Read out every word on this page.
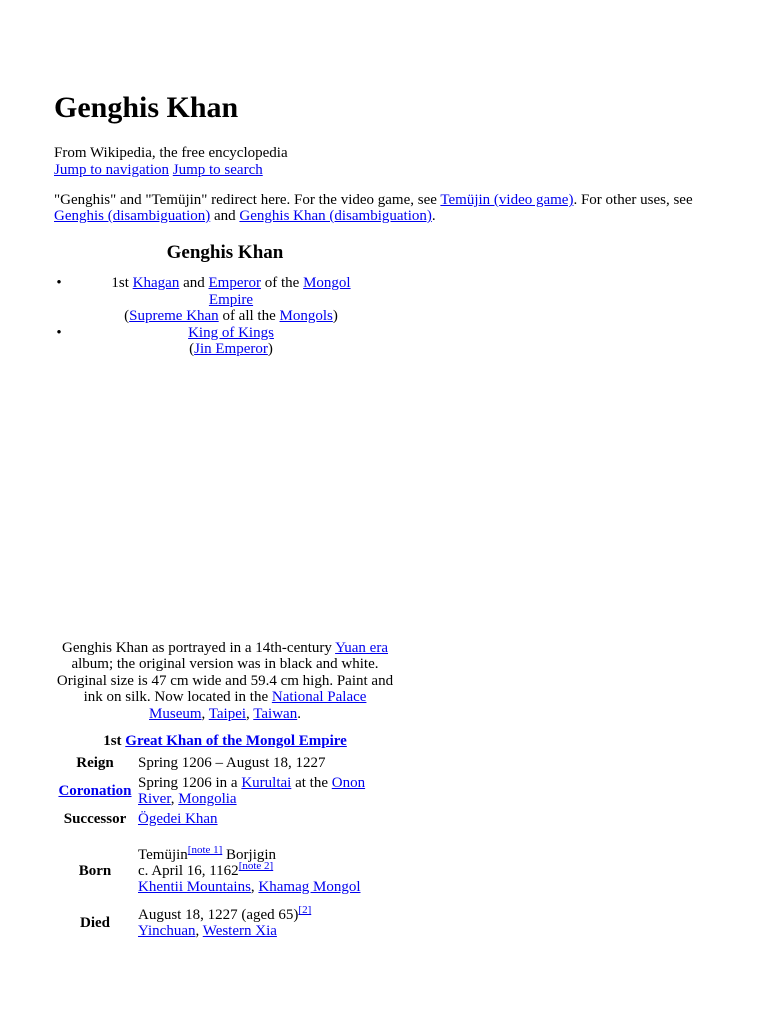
Genghis Khan
From Wikipedia, the free encyclopedia
Jump to navigation Jump to search
"Genghis" and "Temüjin" redirect here. For the video game, see Temüjin (video game). For other uses, see Genghis (disambiguation) and Genghis Khan (disambiguation).
Genghis Khan
•	1st Khagan and Emperor of the Mongol Empire
(Supreme Khan of all the Mongols)
•	King of Kings
(Jin Emperor)
Genghis Khan as portrayed in a 14th-century Yuan era album; the original version was in black and white. Original size is 47 cm wide and 59.4 cm high. Paint and ink on silk. Now located in the National Palace Museum, Taipei, Taiwan.
1st Great Khan of the Mongol Empire
Reign	Spring 1206 – August 18, 1227
Coronation	Spring 1206 in a Kurultai at the Onon River, Mongolia
Successor	Ögedei Khan

Born	Temüjin[note 1] Borjigin
c. April 16, 1162[note 2]
Khentii Mountains, Khamag Mongol

Died	August 18, 1227 (aged 65)[2]
Yinchuan, Western Xia
